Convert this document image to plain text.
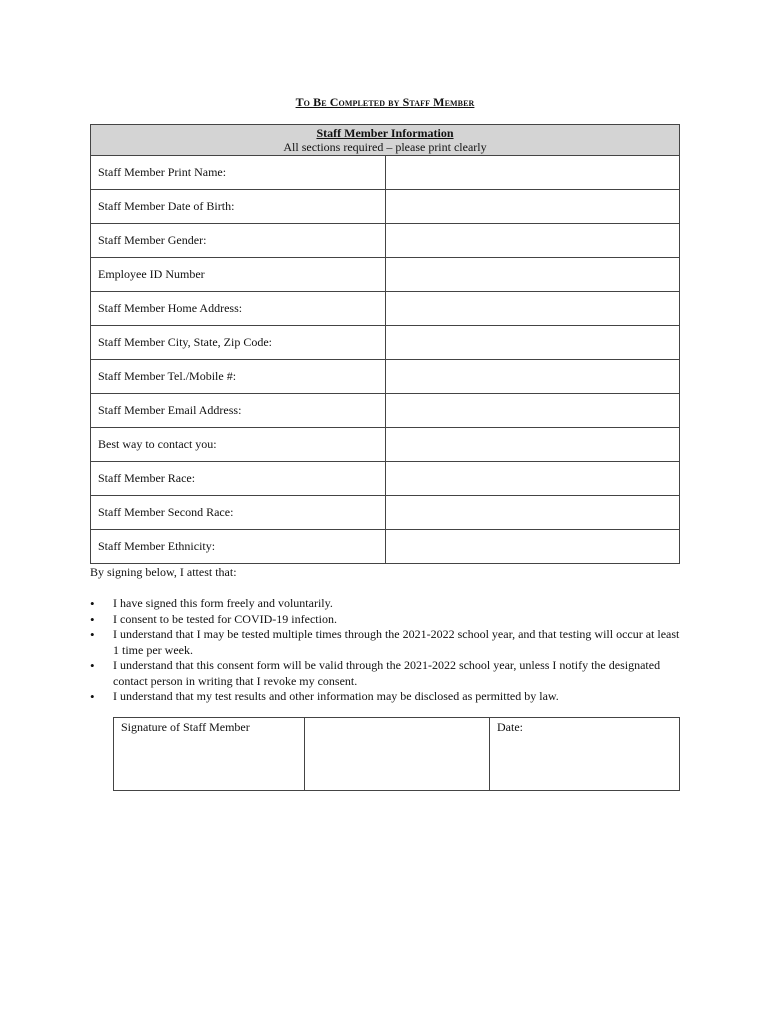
To Be Completed by Staff Member
Staff Member Information
All sections required – please print clearly	

Staff Member Print Name:	
Staff Member Date of Birth:	
Staff Member Gender:	
Employee ID Number	
Staff Member Home Address:	
Staff Member City, State, Zip Code:	
Staff Member Tel./Mobile #:	
Staff Member Email Address:	
Best way to contact you:	
Staff Member Race:	
Staff Member Second Race:	
Staff Member Ethnicity:	
By signing below, I attest that:
• I have signed this form freely and voluntarily.
• I consent to be tested for COVID-19 infection.
• I understand that I may be tested multiple times through the 2021-2022 school year, and that testing will occur at least 1 time per week.
• I understand that this consent form will be valid through the 2021-2022 school year, unless I notify the designated contact person in writing that I revoke my consent.
• I understand that my test results and other information may be disclosed as permitted by law.
Signature of Staff Member		Date:
